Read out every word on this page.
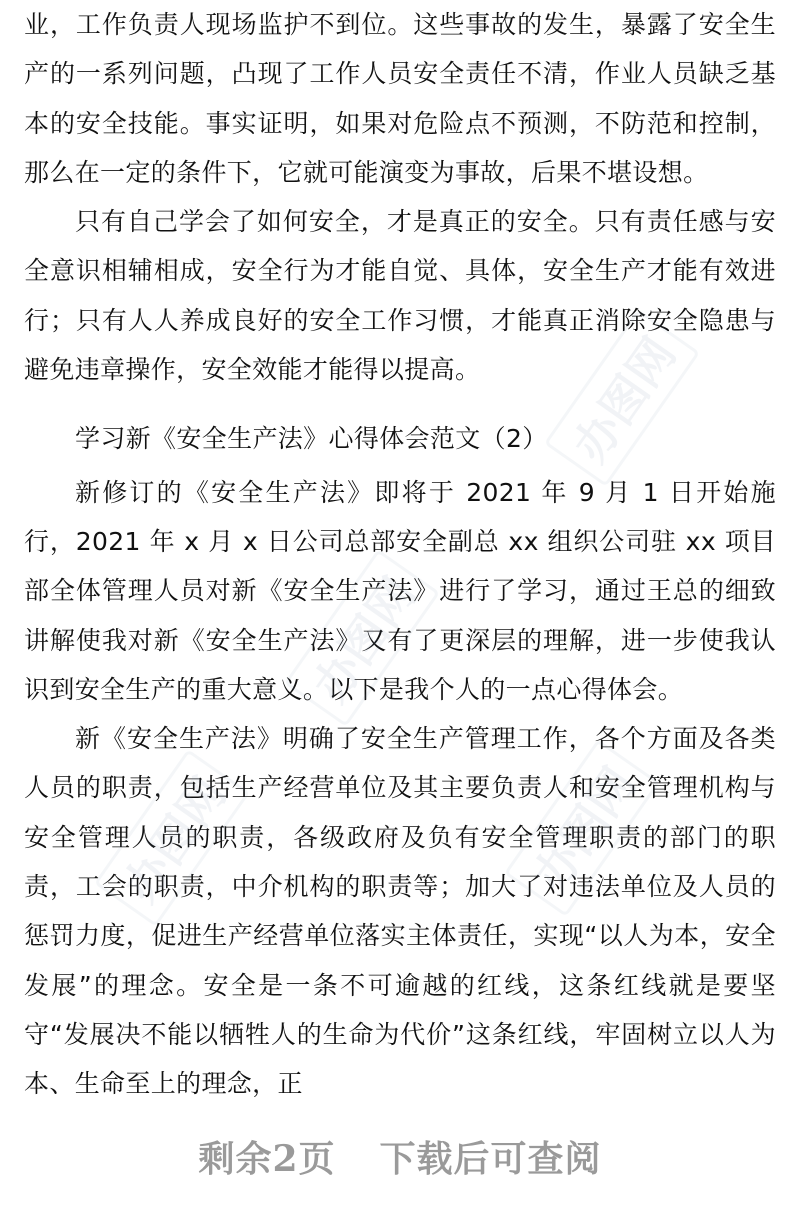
业，工作负责人现场监护不到位。这些事故的发生，暴露了安全生产的一系列问题，凸现了工作人员安全责任不清，作业人员缺乏基本的安全技能。事实证明，如果对危险点不预测，不防范和控制，那么在一定的条件下，它就可能演变为事故，后果不堪设想。

只有自己学会了如何安全，才是真正的安全。只有责任感与安全意识相辅相成，安全行为才能自觉、具体，安全生产才能有效进行；只有人人养成良好的安全工作习惯，才能真正消除安全隐患与避免违章操作，安全效能才能得以提高。

学习新《安全生产法》心得体会范文（2）

新修订的《安全生产法》即将于 2021 年 9 月 1 日开始施行，2021 年 x 月 x 日公司总部安全副总 xx 组织公司驻 xx 项目部全体管理人员对新《安全生产法》进行了学习，通过王总的细致讲解使我对新《安全生产法》又有了更深层的理解，进一步使我认识到安全生产的重大意义。以下是我个人的一点心得体会。

新《安全生产法》明确了安全生产管理工作，各个方面及各类人员的职责，包括生产经营单位及其主要负责人和安全管理机构与安全管理人员的职责，各级政府及负有安全管理职责的部门的职责，工会的职责，中介机构的职责等；加大了对违法单位及人员的惩罚力度，促进生产经营单位落实主体责任，实现“以人为本，安全发展”的理念。安全是一条不可逾越的红线，这条红线就是要坚守“发展决不能以牺牲人的生命为代价”这条红线，牢固树立以人为本、生命至上的理念，正

办图网
办图网
办图网
办图网
剩余2页 下载后可查阅
